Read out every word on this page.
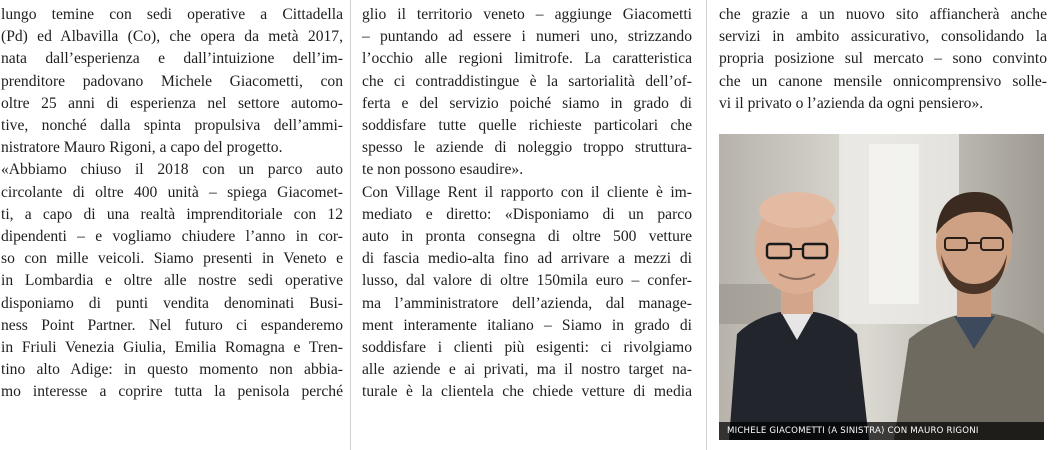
lungo temine con sedi operative a Cittadella

(Pd) ed Albavilla (Co), che opera da metà 2017,

nata dall’esperienza e dall’intuizione dell’im-

prenditore padovano Michele Giacometti, con

oltre 25 anni di esperienza nel settore automo-

tive, nonché dalla spinta propulsiva dell’ammi-

nistratore Mauro Rigoni, a capo del progetto.

«Abbiamo chiuso il 2018 con un parco auto

circolante di oltre 400 unità – spiega Giacomet-

ti, a capo di una realtà imprenditoriale con 12

dipendenti – e vogliamo chiudere l’anno in cor-

so con mille veicoli. Siamo presenti in Veneto e

in Lombardia e oltre alle nostre sedi operative

disponiamo di punti vendita denominati Busi-

ness Point Partner. Nel futuro ci espanderemo

in Friuli Venezia Giulia, Emilia Romagna e Tren-

tino alto Adige: in questo momento non abbia-

mo interesse a coprire tutta la penisola perché

glio il territorio veneto – aggiunge Giacometti

– puntando ad essere i numeri uno, strizzando

l’occhio alle regioni limitrofe. La caratteristica

che ci contraddistingue è la sartorialità dell’of-

ferta e del servizio poiché siamo in grado di

soddisfare tutte quelle richieste particolari che

spesso le aziende di noleggio troppo struttura-

te non possono esaudire».

Con Village Rent il rapporto con il cliente è im-

mediato e diretto: «Disponiamo di un parco

auto in pronta consegna di oltre 500 vetture

di fascia medio-alta fino ad arrivare a mezzi di

lusso, dal valore di oltre 150mila euro – confer-

ma l’amministratore dell’azienda, dal manage-

ment interamente italiano – Siamo in grado di

soddisfare i clienti più esigenti: ci rivolgiamo

alle aziende e ai privati, ma il nostro target na-

turale è la clientela che chiede vetture di media

che grazie a un nuovo sito affiancherà anche

servizi in ambito assicurativo, consolidando la

propria posizione sul mercato – sono convinto

che un canone mensile onnicomprensivo solle-

vi il privato o l’azienda da ogni pensiero».

MICHELE GIACOMETTI (A SINISTRA) CON MAURO RIGONI
